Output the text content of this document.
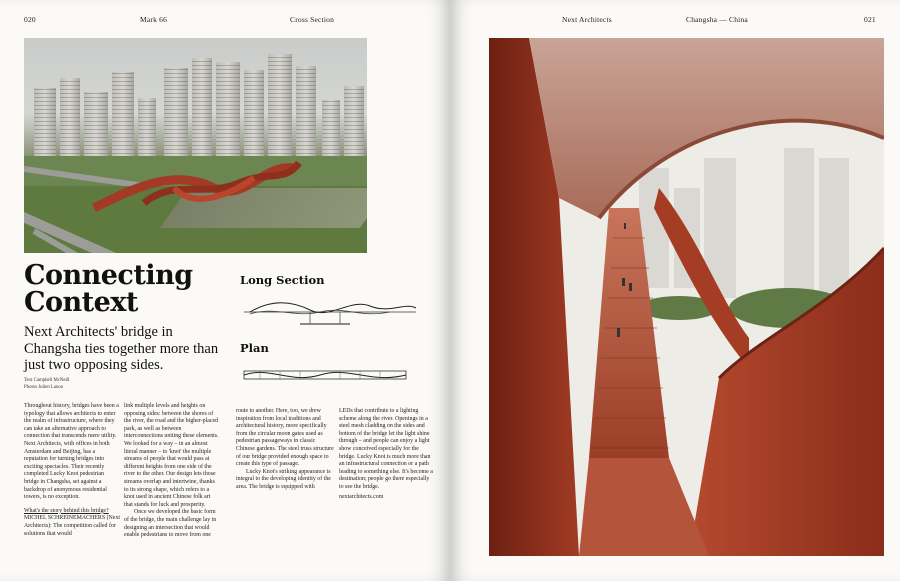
020	Mark 66	Cross Section
Connecting
Context

Next Architects' bridge in Changsha ties together more than just two opposing sides.

Text Campbell McNeill
Photos Julien Lanoo
Long Section
Plan

Throughout history, bridges have been a typology that allows architects to enter the realm of infrastructure, where they can take an alternative approach to connection that transcends mere utility. Next Architects, with offices in both Amsterdam and Beijing, has a reputation for turning bridges into exciting spectacles. Their recently completed Lucky Knot pedestrian bridge in Changsha, set against a backdrop of anonymous residential towers, is no exception.

What's the story behind this bridge?

MICHEL SCHREINEMACHERS (Next Architects): The competition called for solutions that would

link multiple levels and heights on opposing sides: between the shores of the river, the road and the higher-placed park, as well as between interconnections uniting these elements. We looked for a way – in an almost literal manner – to 'knot' the multiple streams of people that would pass at different heights from one side of the river to the other. Our design lets those streams overlap and intertwine, thanks to its strong shape, which refers to a knot used in ancient Chinese folk art that stands for luck and prosperity.

Once we developed the basic form of the bridge, the main challenge lay in designing an intersection that would enable pedestrians to move from one

route to another. Here, too, we drew inspiration from local traditions and architectural history, more specifically from the circular moon gates used as pedestrian passageways in classic Chinese gardens. The steel truss structure of our bridge provided enough space to create this type of passage.

Lucky Knot's striking appearance is integral to the developing identity of the area. The bridge is equipped with

Next Architects	Changsha — China	021

LEDs that contribute to a lighting scheme along the river. Openings in a steel mesh cladding on the sides and bottom of the bridge let the light shine through – and people can enjoy a light show conceived especially for the bridge. Lucky Knot is much more than an infrastructural connection or a path leading to something else. It's become a destination; people go there especially to see the bridge.

nextarchitects.com
